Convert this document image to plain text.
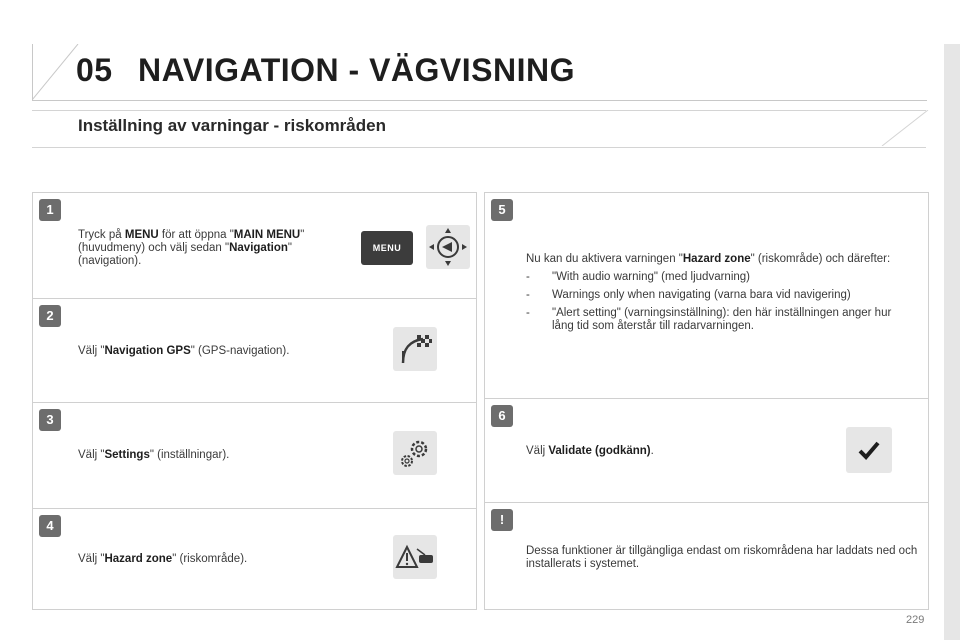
05 NAVIGATION - VÄGVISNING
Inställning av varningar - riskområden
1
Tryck på MENU för att öppna "MAIN MENU" (huvudmeny) och välj sedan "Navigation" (navigation).
MENU
2
Välj "Navigation GPS" (GPS-navigation).
3
Välj "Settings" (inställningar).
4
Välj "Hazard zone" (riskområde).
5
Nu kan du aktivera varningen "Hazard zone" (riskområde) och därefter:
- "With audio warning" (med ljudvarning)
- Warnings only when navigating (varna bara vid navigering)
- "Alert setting" (varningsinställning): den här inställningen anger hur lång tid som återstår till radarvarningen.
6
Välj Validate (godkänn).
!
Dessa funktioner är tillgängliga endast om riskområdena har laddats ned och installerats i systemet.
229
